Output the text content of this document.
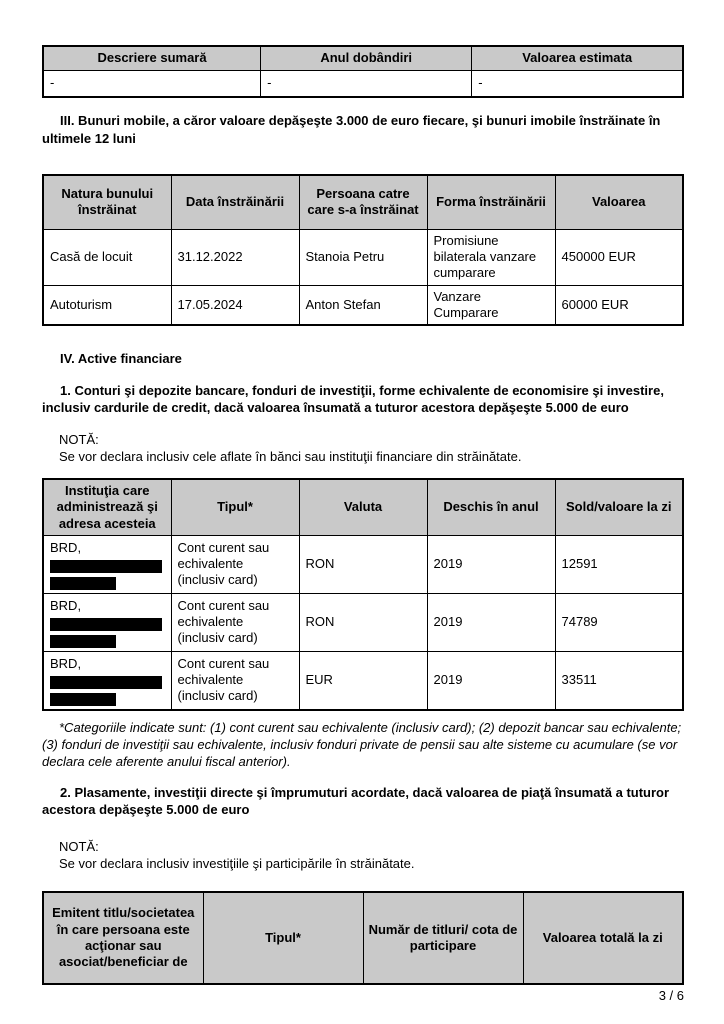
Descriere sumară	Anul dobândiri	Valoarea estimata
-	-	-

III. Bunuri mobile, a căror valoare depăşeşte 3.000 de euro fiecare, şi bunuri imobile înstrăinate în ultimele 12 luni

Natura bunului înstrăinat	Data înstrăinării	Persoana catre care s-a înstrăinat	Forma înstrăinării	Valoarea
Casă de locuit	31.12.2022	Stanoia Petru	Promisiune bilaterala vanzare cumparare	450000 EUR
Autoturism	17.05.2024	Anton Stefan	Vanzare Cumparare	60000 EUR

IV. Active financiare

1. Conturi şi depozite bancare, fonduri de investiţii, forme echivalente de economisire şi investire, inclusiv cardurile de credit, dacă valoarea însumată a tuturor acestora depăşeşte 5.000 de euro

NOTĂ:
Se vor declara inclusiv cele aflate în bănci sau instituţii financiare din străinătate.
Instituţia care administrează şi adresa acesteia	Tipul*	Valuta	Deschis în anul	Sold/valoare la zi

BRD,	Cont curent sau echivalente (inclusiv card)	RON	2019	12591

BRD,	Cont curent sau echivalente (inclusiv card)	RON	2019	74789

BRD,	Cont curent sau echivalente (inclusiv card)	EUR	2019	33511

*Categoriile indicate sunt: (1) cont curent sau echivalente (inclusiv card); (2) depozit bancar sau echivalente; (3) fonduri de investiţii sau echivalente, inclusiv fonduri private de pensii sau alte sisteme cu acumulare (se vor declara cele aferente anului fiscal anterior).

2. Plasamente, investiţii directe şi împrumuturi acordate, dacă valoarea de piaţă însumată a tuturor acestora depăşeşte 5.000 de euro

NOTĂ:
Se vor declara inclusiv investiţiile şi participările în străinătate.
Emitent titlu/societatea în care persoana este acţionar sau asociat/beneficiar de	Tipul*	Număr de titluri/ cota de participare	Valoarea totală la zi
3 / 6
